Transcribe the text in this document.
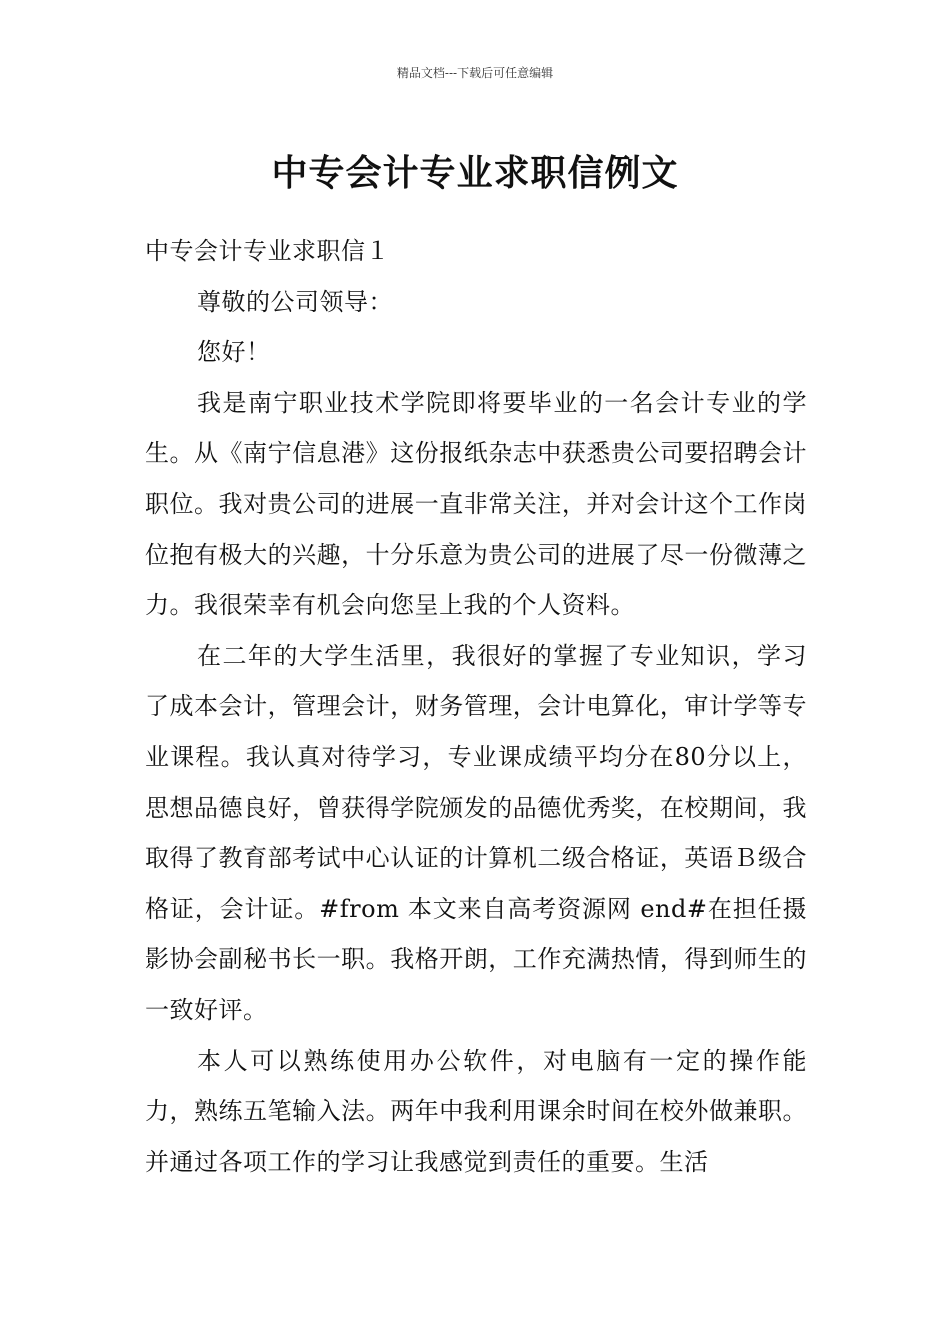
精品文档---下载后可任意编辑
中专会计专业求职信例文

中专会计专业求职信１

尊敬的公司领导：

您好！

我是南宁职业技术学院即将要毕业的一名会计专业的学生。从《南宁信息港》这份报纸杂志中获悉贵公司要招聘会计职位。我对贵公司的进展一直非常关注，并对会计这个工作岗位抱有极大的兴趣，十分乐意为贵公司的进展了尽一份微薄之力。我很荣幸有机会向您呈上我的个人资料。

在二年的大学生活里，我很好的掌握了专业知识，学习了成本会计，管理会计，财务管理，会计电算化，审计学等专业课程。我认真对待学习，专业课成绩平均分在80分以上，思想品德良好，曾获得学院颁发的品德优秀奖，在校期间，我取得了教育部考试中心认证的计算机二级合格证，英语Ｂ级合格证，会计证。#from 本文来自高考资源网 end#在担任摄影协会副秘书长一职。我格开朗，工作充满热情，得到师生的一致好评。

本人可以熟练使用办公软件，对电脑有一定的操作能力，熟练五笔输入法。两年中我利用课余时间在校外做兼职。并通过各项工作的学习让我感觉到责任的重要。生活
